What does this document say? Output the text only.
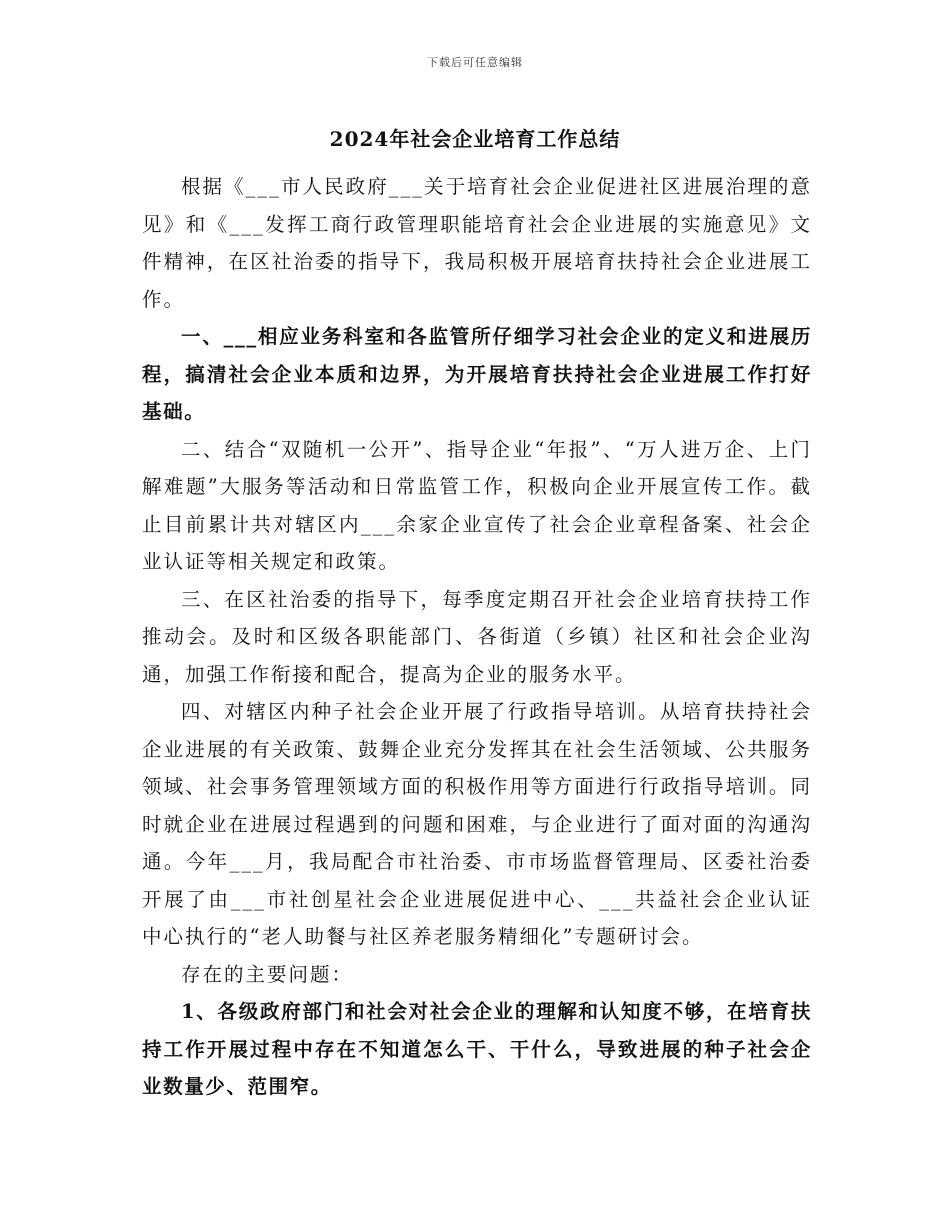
下载后可任意编辑
2024年社会企业培育工作总结

根据《___市人民政府___关于培育社会企业促进社区进展治理的意见》和《___发挥工商行政管理职能培育社会企业进展的实施意见》文件精神，在区社治委的指导下，我局积极开展培育扶持社会企业进展工作。

一、___相应业务科室和各监管所仔细学习社会企业的定义和进展历程，搞清社会企业本质和边界，为开展培育扶持社会企业进展工作打好基础。

二、结合“双随机一公开”、指导企业“年报”、“万人进万企、上门解难题”大服务等活动和日常监管工作，积极向企业开展宣传工作。截止目前累计共对辖区内___余家企业宣传了社会企业章程备案、社会企业认证等相关规定和政策。

三、在区社治委的指导下，每季度定期召开社会企业培育扶持工作推动会。及时和区级各职能部门、各街道（乡镇）社区和社会企业沟通，加强工作衔接和配合，提高为企业的服务水平。

四、对辖区内种子社会企业开展了行政指导培训。从培育扶持社会企业进展的有关政策、鼓舞企业充分发挥其在社会生活领域、公共服务领域、社会事务管理领域方面的积极作用等方面进行行政指导培训。同时就企业在进展过程遇到的问题和困难，与企业进行了面对面的沟通沟通。今年___月，我局配合市社治委、市市场监督管理局、区委社治委开展了由___市社创星社会企业进展促进中心、___共益社会企业认证中心执行的“老人助餐与社区养老服务精细化”专题研讨会。

存在的主要问题：

1、各级政府部门和社会对社会企业的理解和认知度不够，在培育扶持工作开展过程中存在不知道怎么干、干什么，导致进展的种子社会企业数量少、范围窄。
